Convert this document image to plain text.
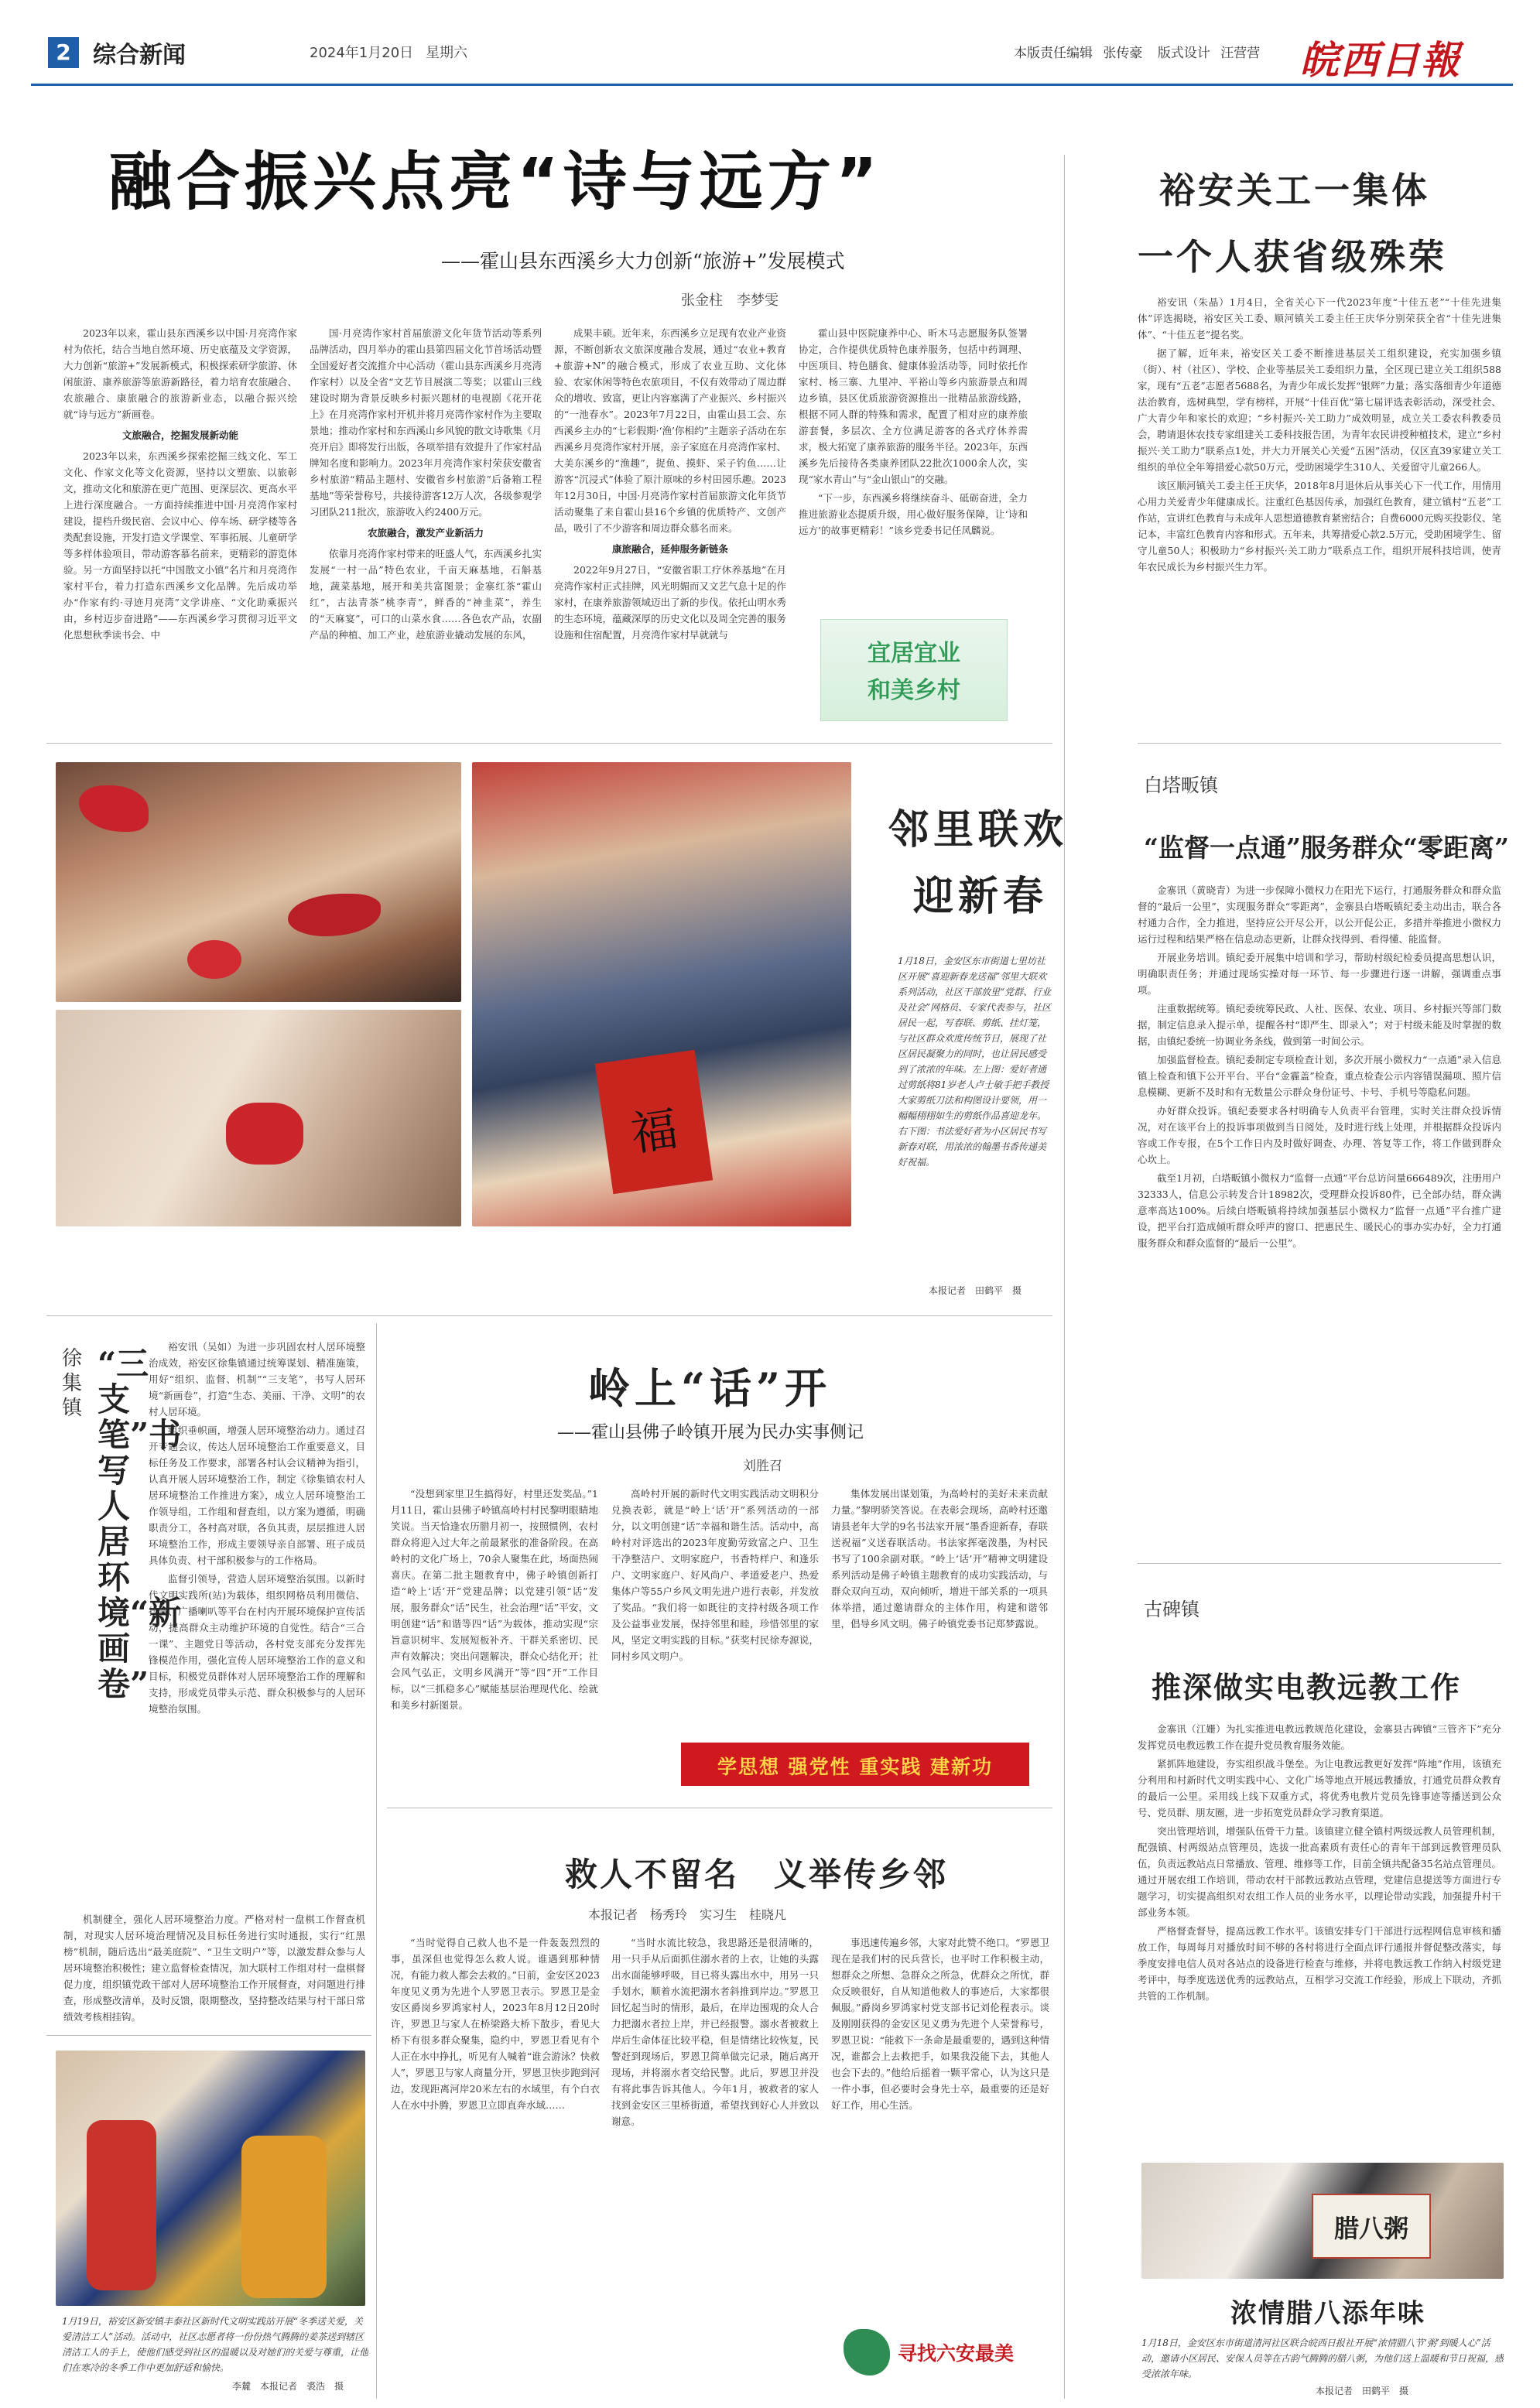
2 综合新闻	2024年1月20日 星期六	本版责任编辑 张传豪 版式设计 汪营营 皖西日報
融合振兴点亮“诗与远方”
——霍山县东西溪乡大力创新“旅游+”发展模式
张金柱　李梦雯

2023年以来，霍山县东西溪乡以中国·月亮湾作家村为依托，结合当地自然环境、历史底蕴及文学资源，大力创新“旅游+”发展新模式，积极探索研学旅游、休闲旅游、康养旅游等旅游新路径，着力培育农旅融合、农旅融合、康旅融合的旅游新业态，以融合振兴绘就“诗与远方”新画卷。

文旅融合，挖掘发展新动能

2023年以来，东西溪乡探索挖掘三线文化、军工文化、作家文化等文化资源，坚持以文塑旅、以旅彰文，推动文化和旅游在更广范围、更深层次、更高水平上进行深度融合。一方面持续推进中国·月亮湾作家村建设，提档升级民宿、会议中心、停车场、研学楼等各类配套设施，开发打造文学课堂、军事拓展、儿童研学等多样体验项目，带动游客慕名前来，更精彩的游览体验。另一方面坚持以托“中国散文小镇”名片和月亮湾作家村平台，着力打造东西溪乡文化品牌。先后成功举办“作家有约·寻迹月亮湾”文学讲座、“文化助乘振兴由，乡村迈步奋进路”——东西溪乡学习贯彻习近平文化思想秋季读书会、中

国·月亮湾作家村首届旅游文化年货节活动等系列品牌活动，四月举办的霍山县第四届文化节首场活动暨全国爱好者交流推介中心活动（霍山县东西溪乡月亮湾作家村）以及全省“文艺节目展演二等奖；以霍山三线建设时期为背景反映乡村振兴题材的电视剧《花开花上》在月亮湾作家村开机并将月亮湾作家村作为主要取景地；推动作家村和东西溪山乡风貌的散文诗歌集《月亮开启》即将发行出版，各项举措有效提升了作家村品牌知名度和影响力。2023年月亮湾作家村荣获安徽省乡村旅游“精品主题村、安徽省乡村旅游”后备箱工程基地”等荣誉称号，共接待游客12万人次，各级参观学习团队211批次，旅游收入约2400万元。

农旅融合，激发产业新活力

依靠月亮湾作家村带来的旺盛人气，东西溪乡扎实发展“一村一品”特色农业，千亩天麻基地，石斛基地，蔬菜基地，展开和美共富图景；金寨红茶“霍山红”，古法青茶”桃李青”，鲜香的“神韭菜”，养生的“天麻宴”，可口的山菜水食……各色农产品，农副产品的种植、加工产业，趁旅游业撬动发展的东风，

成果丰硕。近年来，东西溪乡立足现有农业产业资源，不断创新农文旅深度融合发展，通过“农业+教育+旅游+N”的融合模式，形成了农业互助、文化体验、农家休闲等特色农旅项目，不仅有效带动了周边群众的增收、致富，更让内容塞满了产业振兴、乡村振兴的“一池春水”。2023年7月22日，由霍山县工会、东西溪乡主办的“七彩假期·‘渔’你相约”主题亲子活动在东西溪乡月亮湾作家村开展，亲子家庭在月亮湾作家村、大美东溪乡的“渔趣”，捉鱼、摸虾、采子钓鱼……让游客“沉浸式”体验了原汁原味的乡村田园乐趣。2023年12月30日，中国·月亮湾作家村首届旅游文化年货节活动聚集了来自霍山县16个乡镇的优质特产、文创产品，吸引了不少游客和周边群众慕名而来。

康旅融合，延伸服务新链条

2022年9月27日，“安徽省职工疗休养基地”在月亮湾作家村正式挂牌，风光明媚而又文艺气息十足的作家村，在康养旅游领域迈出了新的步伐。依托山明水秀的生态环境，蕴藏深厚的历史文化以及周全完善的服务设施和住宿配置，月亮湾作家村早就就与

霍山县中医院康养中心、昕木马志愿服务队签署协定，合作提供优质特色康养服务，包括中药调理、中医项目、特色膳食、健康体验活动等，同时依托作家村、杨三寨、九里冲、平裕山等乡内旅游景点和周边乡镇，县区优质旅游资源推出一批精品旅游线路，根据不同人群的特殊和需求，配置了相对应的康养旅游套餐，多层次、全方位满足游客的各式疗休养需求，极大拓宽了康养旅游的服务半径。2023年，东西溪乡先后接待各类康养团队22批次1000余人次，实现“家水青山”与“金山银山”的交融。

“下一步，东西溪乡将继续奋斗、砥砺奋进，全力推进旅游业态提质升级，用心做好服务保障，让‘诗和远方’的故事更精彩！”该乡党委书记任凤麟说。

宜居宜业
和美乡村
裕安关工一集体
一个人获省级殊荣

裕安讯（朱晶）1月4日，全省关心下一代2023年度“十佳五老”“十佳先进集体”评选揭晓，裕安区关工委、顺河镇关工委主任王庆华分别荣获全省“十佳先进集体”、“十佳五老”提名奖。

据了解，近年来，裕安区关工委不断推进基层关工组织建设，充实加强乡镇（街）、村（社区）、学校、企业等基层关工委组织力量，全区现已建立关工组织588家，现有“五老”志愿者5688名，为青少年成长发挥“银辉”力量；落实落细青少年道德法治教育，选树典型，学有榜样，开展“十佳百优”第七届评选表彰活动，深受社会、广大青少年和家长的欢迎；“乡村振兴·关工助力”成效明显，成立关工委农科教委员会，聘请退休农技专家组建关工委科技报告团，为青年农民讲授种植技术，建立“乡村振兴·关工助力”联系点1处，并大力开展关心关爱“五困”活动，仅区直39家建立关工组织的单位全年筹措爱心款50万元，受助困境学生310人、关爱留守儿童266人。

该区顺河镇关工委主任王庆华，2018年8月退休后从事关心下一代工作，用情用心用力关爱青少年健康成长。注重红色基因传承，加强红色教育，建立镇村“五老”工作站，宣讲红色教育与未成年人思想道德教育紧密结合；自费6000元购买投影仪、笔记本，丰富红色教育内容和形式。五年来，共筹措爱心款2.5万元，受助困境学生、留守儿童50人；积极助力“乡村振兴·关工助力”联系点工作，组织开展科技培训，使青年农民成长为乡村振兴生力军。

福
邻里联欢
迎新春
1月18日，金安区东市街道七里坊社区开展“喜迎新春龙送福”邻里大联欢系列活动，社区干部放里“党群、行业及社会”网格员、专家代表参与，社区居民一起，写春联、剪纸、挂灯笼，与社区群众欢度传统节日，展现了社区居民凝聚力的同时，也让居民感受到了浓浓的年味。左上图：爱好者通过剪纸将81岁老人卢士敏手把手教授大家剪纸刀法和构图设计要领，用一幅幅栩栩如生的剪纸作品喜迎龙年。右下图：书法爱好者为小区居民书写新春对联，用浓浓的翰墨书香传递美好祝福。
本报记者　田鹤平　摄
白塔畈镇
“监督一点通”服务群众“零距离”

金寨讯（黄晓青）为进一步保障小微权力在阳光下运行，打通服务群众和群众监督的“最后一公里”，实现服务群众“零距离”，金寨县白塔畈镇纪委主动出击，联合各村通力合作，全力推进，坚持应公开尽公开，以公开促公正，多措并举推进小微权力运行过程和结果严格在信息动态更新，让群众找得到、看得懂、能监督。

开展业务培训。镇纪委开展集中培训和学习，帮助村级纪检委员提高思想认识，明确职责任务；并通过现场实操对每一环节、每一步骤进行逐一讲解，强调重点事项。

注重数据统筹。镇纪委统筹民政、人社、医保、农业、项目、乡村振兴等部门数据，制定信息录入提示单，提醒各村“即严生、即录入”；对于村级未能及时掌握的数据，由镇纪委统一协调业务条线，做到第一时间公示。

加强监督检查。镇纪委制定专项检查计划，多次开展小微权力“一点通”录入信息镇上检查和镇下公开平台、平台“金霾盖”检查，重点检查公示内容错误漏项、照片信息模糊、更新不及时和有无数量公示群众身份证号、卡号、手机号等隐私问题。

办好群众投诉。镇纪委要求各村明确专人负责平台管理，实时关注群众投诉情况，对在该平台上的投诉事项做到当日阅处，及时进行线上处理，并根据群众投诉内容或工作专报，在5个工作日内及时做好调查、办理、答复等工作，将工作做到群众心坎上。

截至1月初，白塔畈镇小微权力“监督一点通”平台总访问量666489次，注册用户32333人，信息公示转发合计18982次，受理群众投诉80件，已全部办结，群众满意率高达100%。后续白塔畈镇将持续加强基层小微权力“监督一点通”平台推广建设，把平台打造成倾听群众呼声的窗口、把惠民生、暖民心的事办实办好，全力打通服务群众和群众监督的“最后一公里”。

徐集镇
“三支笔”书写人居环境“新画卷”

裕安讯（吴如）为进一步巩固农村人居环境整治成效，裕安区徐集镇通过统筹谋划、精准施策，用好“组织、监督、机制”“三支笔”，书写人居环境“新画卷”，打造“生态、美丽、干净、文明”的农村人居环境。

组织垂帜画，增强人居环境整治动力。通过召开专题会议，传达人居环境整治工作重要意义，目标任务及工作要求，部署各村认会议精神为指引，认真开展人居环境整治工作，制定《徐集镇农村人居环境整治工作推进方案》，成立人居环境整治工作领导组，工作组和督查组，以方案为遵循，明确职责分工，各村高对联，各负其责，层层推进人居环境整治工作，形成主要领导亲自部署、班子成员具体负责、村干部积极参与的工作格局。

监督引领导，营造人居环境整治氛围。以新时代文明实践所(站)为载体，组织网格员利用微信、抖音、广播喇叭等平台在村内开展环境保护宣传活动，提高群众主动维护环境的自觉性。结合“三合一课”、主题党日等活动，各村党支部充分发挥先锋模范作用，强化宣传人居环境整治工作的意义和目标，积极党员群体对人居环境整治工作的理解和支持，形成党员带头示范、群众积极参与的人居环境整治氛围。

机制健全，强化人居环境整治力度。严格对村一盘棋工作督查机制，对现实人居环境治理情况及目标任务进行实时通报，实行“红黑榜”机制，随后选出“最美庭院”、“卫生文明户”等，以激发群众参与人居环境整治积极性；建立监督检查情况，加大联村工作组对村一盘棋督促力度，组织镇党政干部对人居环境整治工作开展督查，对问题进行排查，形成整改清单，及时反馈，限期整改，坚持整改结果与村干部日常绩效考核相挂钩。

岭上“话”开
——霍山县佛子岭镇开展为民办实事侧记
刘胜召

“没想到家里卫生搞得好，村里还发奖品。”1月11日，霍山县佛子岭镇高岭村村民黎明眼睛地笑说。当天恰逢农历腊月初一，按照惯例，农村群众将迎入过大年之前最紧张的准备阶段。在高岭村的文化广场上，70余人聚集在此，场面热闹喜庆。在第二批主题教育中，佛子岭镇创新打造“岭上‘话’开”党建品牌；以党建引领“话”发展，服务群众“话”民生，社会治理“话”平安，文明创建“话”和谐等四“话”为载体，推动实现“宗旨意识树牢、发展短板补齐、干群关系密切、民声有效解决；突出问题解决，群众心结化开；社会风气弘正，文明乡风满开”等“四”开”工作目标，以“三抓稳多心”赋能基层治理现代化、绘就和美乡村新图景。

高岭村开展的新时代文明实践活动文明积分兑换表彰，就是“岭上‘话’开”系列活动的一部分，以文明创建“话”幸福和谐生活。活动中，高岭村对评选出的2023年度勤劳致富之户、卫生干净整洁户、文明家庭户，书香特样户、和逢乐户、文明家庭户、好风尚户、孝道爱老户、热爱集体户等55户乡风文明先进户进行表彰，并发放了奖品。“我们将一如既往的支持村级各项工作及公益事业发展，保持邻里和睦，珍惜邻里的家风，坚定文明实践的目标。”获奖村民徐寿源说，同村乡风文明户。

集体发展出谋划策，为高岭村的美好未来贡献力量。”黎明骄笑答说。在表彰会现场，高岭村还邀请县老年大学的9名书法家开展“墨香迎新春，春联送祝福”义送春联活动。书法家挥毫泼墨，为村民书写了100余副对联。“岭上‘话’开”精神文明建设系列活动是佛子岭镇主题教育的成功实践活动，与群众双向互动，双向倾听，增进干部关系的一项具体举措，通过邀请群众的主体作用，构建和谐邻里，倡导乡风文明。佛子岭镇党委书记郑梦露说。

学思想 强党性 重实践 建新功
救人不留名　义举传乡邻
本报记者　杨秀玲　实习生　桂晓凡

“当时觉得自己救人也不是一件轰轰烈烈的事，虽深但也觉得怎么救人说。谁遇到那种情况，有能力救人都会去救的。”日前，金安区2023年度见义勇为先进个人罗恩卫表示。罗恩卫是金安区爵岗乡罗鸿家村人，2023年8月12日20时许，罗恩卫与家人在桥梁路大桥下散步，看见大桥下有很多群众聚集，隐约中，罗恩卫看见有个人正在水中挣扎，听见有人喊着“谁会游泳？快救人”，罗恩卫与家人商量分开，罗恩卫快步跑到河边，发现距离河岸20米左右的水域里，有个白衣人在水中扑腾，罗恩卫立即直奔水域……

“当时水流比较急，我思路还是很清晰的，用一只手从后面抓住溺水者的上衣，让她的头露出水面能够呼吸，目已将头露出水中，用另一只手划水，顺着水流把溺水者斜推到岸边。”罗恩卫回忆起当时的情形，最后，在岸边围观的众人合力把溺水者拉上岸，并已经报警。溺水者被救上岸后生命体征比较平稳，但是情绪比较恢复，民警赶到现场后，罗恩卫简单做完记录，随后离开现场，并将溺水者交给民警。此后，罗恩卫并没有将此事告诉其他人。今年1月，被救者的家人找到金安区三里桥街道，希望找到好心人并致以谢意。

事迅速传遍乡邻，大家对此赞不绝口。“罗恩卫现在是我们村的民兵营长，也平时工作积极主动，想群众之所想、急群众之所急，优群众之所忧，群众反映很好，自从知道他救人的事迹后，大家都很佩服。”爵岗乡罗鸿家村党支部书记刘伦程表示。谈及刚刚获得的金安区见义勇为先进个人荣誉称号，罗恩卫说：“能救下一条命是最重要的，遇到这种情况，谁都会上去救把手，如果我没能下去，其他人也会下去的。”他给后摇着一颗平常心，认为这只是一件小事，但必要时会身先士卒，最重要的还是好好工作，用心生活。

寻找六安最美
1月19日，裕安区新安镇丰泰社区新时代文明实践站开展“冬季送关爱，关爱清洁工人”活动。活动中，社区志愿者将一份份热气腾腾的姜茶送到辖区清洁工人的手上，使他们感受到社区的温暖以及对她们的关爱与尊重，让他们在寒冷的冬季工作中更加舒适和愉快。
李麓　本报记者　裘浩　摄
古碑镇
推深做实电教远教工作

金寨讯（江姗）为扎实推进电教远教规范化建设，金寨县古碑镇“三管齐下”充分发挥党员电教远教工作在提升党员教育服务效能。

紧抓阵地建设，夯实组织战斗堡垒。为让电教远教更好发挥“阵地”作用，该镇充分利用和村新时代文明实践中心、文化广场等地点开展远教播放，打通党员群众教育的最后一公里。采用线上线下双重方式，将优秀电教片党员先锋事迹等播送到公众号、党员群、朋友圈，进一步拓宽党员群众学习教育渠道。

突出管理培训，增强队伍骨干力量。该镇建立健全镇村两级远教人员管理机制，配强镇、村两级站点管理员，选拔一批高素质有责任心的青年干部到远教管理员队伍，负责远教站点日常播放、管理、维修等工作，目前全镇共配备35名站点管理员。通过开展农组工作培训，带动农村干部教远教站点管理，党建信息提送等方面进行专题学习，切实提高组织对农组工作人员的业务水平，以理论带动实践，加强提升村干部业务本领。

严格督查督导，提高远教工作水平。该镇安排专门干部进行远程网信息审核和播放工作，每周每月对播放时间不够的各村将进行全面点评行通报并督促整改落实，每季度安排电信人员对各站点的设备进行检查与维修，并将电教远教工作纳入村级党建考评中，每季度选送优秀的远教站点，互相学习交流工作经验，形成上下联动，齐抓共管的工作机制。

腊八粥
浓情腊八添年味
1月18日，金安区东市街道清河社区联合皖西日报社开展“浓情腊八节‘粥’到暖人心”活动，邀请小区居民、安保人员等在古韵气腾腾的腊八粥，为他们送上温暖和节日祝福，感受浓浓年味。
本报记者　田鹤平　摄
